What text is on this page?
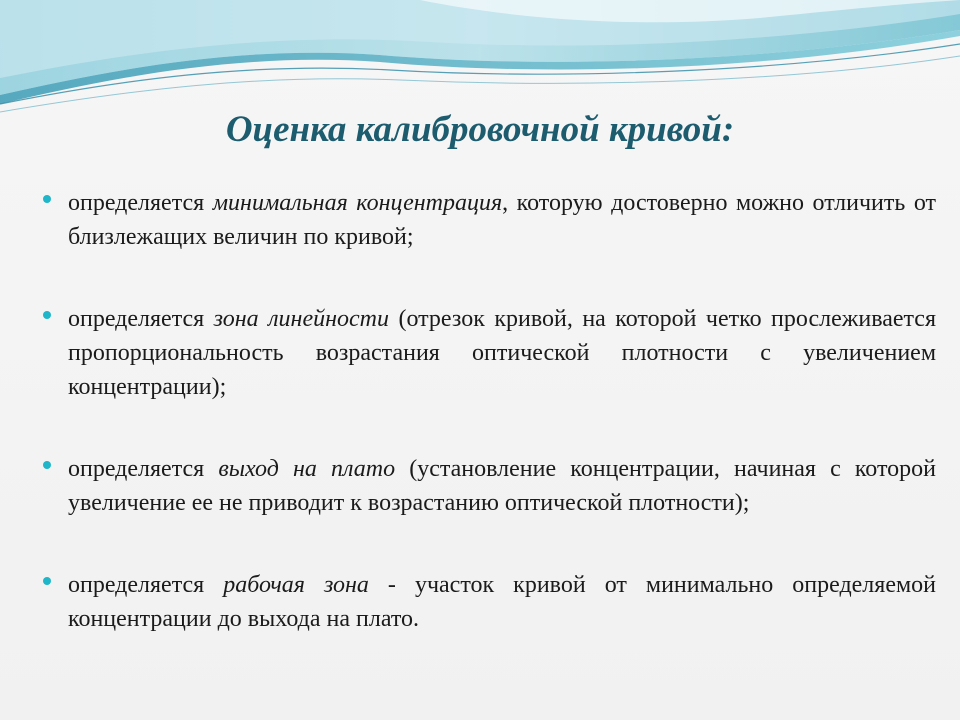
Оценка калибровочной кривой:
определяется минимальная концентрация, которую достоверно можно отличить от близлежащих величин по кривой;
определяется зона линейности (отрезок кривой, на которой четко прослеживается пропорциональность возрастания оптической плотности с увеличением концентрации);
определяется выход на плато (установление концентрации, начиная с которой увеличение ее не приводит к возрастанию оптической плотности);
определяется рабочая зона - участок кривой от минимально определяемой концентрации до выхода на плато.
